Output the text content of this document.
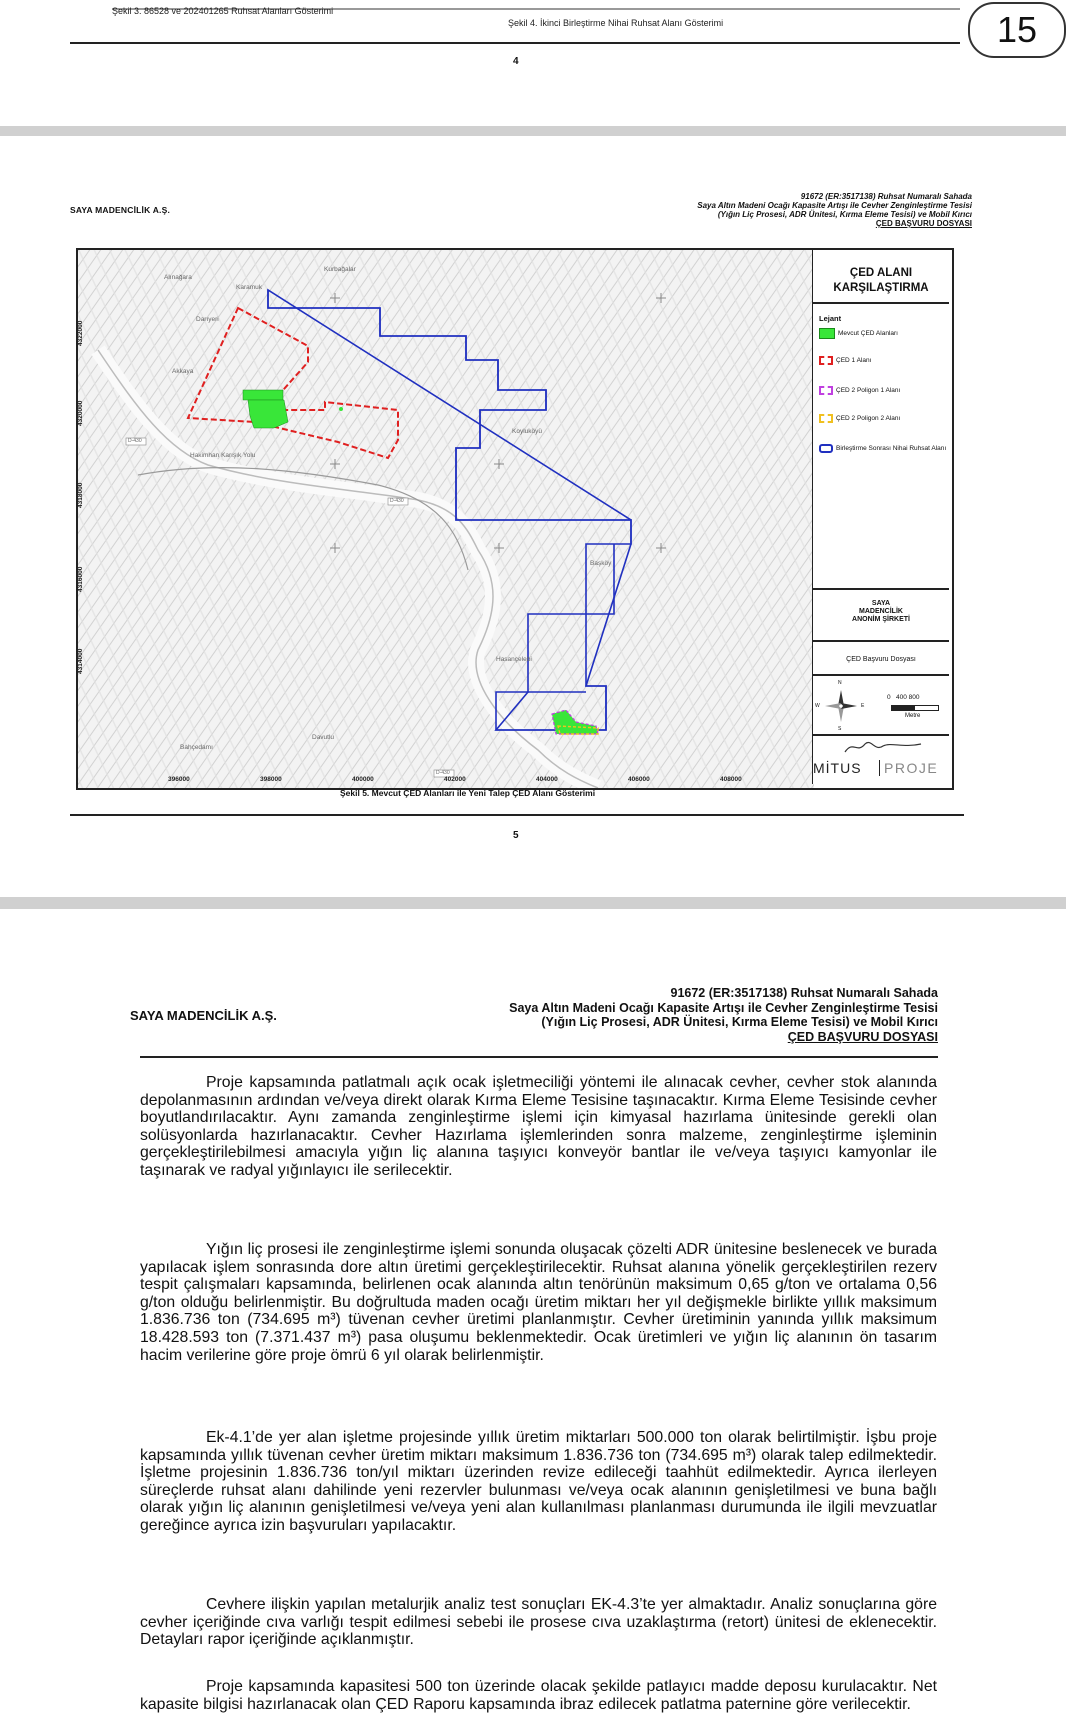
Şekil 3. 86528 ve 202401265 Ruhsat Alanları Gösterimi
Şekil 4. İkinci Birleştirme Nihai Ruhsat Alanı Gösterimi
4
15
SAYA MADENCİLİK A.Ş.
91672 (ER:3517138) Ruhsat Numaralı Sahada
Saya Altın Madeni Ocağı Kapasite Artışı ile Cevher Zenginleştirme Tesisi
(Yığın Liç Prosesi, ADR Ünitesi, Kırma Eleme Tesisi) ve Mobil Kırıcı
ÇED BAŞVURU DOSYASI
Alınağara
Karamuk
Kurbağalar
Darıyeri
Akkaya
Hakimhan Karışık Yolu
Koyluköyü
Başköy
Hasançelebi
Bahçedamı
Davutlu
D-430
D-430
D-430
4322000
4320000
4318000
4316000
4314000
396000	398000	400000	402000	404000	406000	408000
ÇED ALANI
KARŞILAŞTIRMA
Lejant
Mevcut ÇED Alanları
ÇED 1 Alanı
ÇED 2 Poligon 1 Alanı
ÇED 2 Poligon 2 Alanı
Birleştirme Sonrası Nihai Ruhsat Alanı
SAYA
MADENCİLİK
ANONİM ŞİRKETİ
ÇED Başvuru Dosyası
N
E
S
W
0   400 800
Metre
MİTUS	PROJE
Şekil 5. Mevcut ÇED Alanları ile Yeni Talep ÇED Alanı Gösterimi
5
SAYA MADENCİLİK A.Ş.
91672 (ER:3517138) Ruhsat Numaralı Sahada
Saya Altın Madeni Ocağı Kapasite Artışı ile Cevher Zenginleştirme Tesisi
(Yığın Liç Prosesi, ADR Ünitesi, Kırma Eleme Tesisi) ve Mobil Kırıcı
ÇED BAŞVURU DOSYASI
Proje kapsamında patlatmalı açık ocak işletmeciliği yöntemi ile alınacak cevher, cevher stok alanında depolanmasının ardından ve/veya direkt olarak Kırma Eleme Tesisine taşınacaktır. Kırma Eleme Tesisinde cevher boyutlandırılacaktır. Aynı zamanda zenginleştirme işlemi için kimyasal hazırlama ünitesinde gerekli olan solüsyonlarda hazırlanacaktır. Cevher Hazırlama işlemlerinden sonra malzeme, zenginleştirme işleminin gerçekleştirilebilmesi amacıyla yığın liç alanına taşıyıcı konveyör bantlar ile ve/veya taşıyıcı kamyonlar ile taşınarak ve radyal yığınlayıcı ile serilecektir.
Yığın liç prosesi ile zenginleştirme işlemi sonunda oluşacak çözelti ADR ünitesine beslenecek ve burada yapılacak işlem sonrasında dore altın üretimi gerçekleştirilecektir. Ruhsat alanına yönelik gerçekleştirilen rezerv tespit çalışmaları kapsamında, belirlenen ocak alanında altın tenörünün maksimum 0,65 g/ton ve ortalama 0,56 g/ton olduğu belirlenmiştir. Bu doğrultuda maden ocağı üretim miktarı her yıl değişmekle birlikte yıllık maksimum 1.836.736 ton (734.695 m³) tüvenan cevher üretimi planlanmıştır. Cevher üretiminin yanında yıllık maksimum 18.428.593 ton (7.371.437 m³) pasa oluşumu beklenmektedir. Ocak üretimleri ve yığın liç alanının ön tasarım hacim verilerine göre proje ömrü 6 yıl olarak belirlenmiştir.
Ek-4.1’de yer alan işletme projesinde yıllık üretim miktarları 500.000 ton olarak belirtilmiştir. İşbu proje kapsamında yıllık tüvenan cevher üretim miktarı maksimum 1.836.736 ton (734.695 m³) olarak talep edilmektedir. İşletme projesinin 1.836.736 ton/yıl miktarı üzerinden revize edileceği taahhüt edilmektedir. Ayrıca ilerleyen süreçlerde ruhsat alanı dahilinde yeni rezervler bulunması ve/veya ocak alanının genişletilmesi ve buna bağlı olarak yığın liç alanının genişletilmesi ve/veya yeni alan kullanılması planlanması durumunda ile ilgili mevzuatlar gereğince ayrıca izin başvuruları yapılacaktır.
Cevhere ilişkin yapılan metalurjik analiz test sonuçları EK-4.3’te yer almaktadır. Analiz sonuçlarına göre cevher içeriğinde cıva varlığı tespit edilmesi sebebi ile prosese cıva uzaklaştırma (retort) ünitesi de eklenecektir. Detayları rapor içeriğinde açıklanmıştır.
Proje kapsamında kapasitesi 500 ton üzerinde olacak şekilde patlayıcı madde deposu kurulacaktır. Net kapasite bilgisi hazırlanacak olan ÇED Raporu kapsamında ibraz edilecek patlatma paternine göre verilecektir.
